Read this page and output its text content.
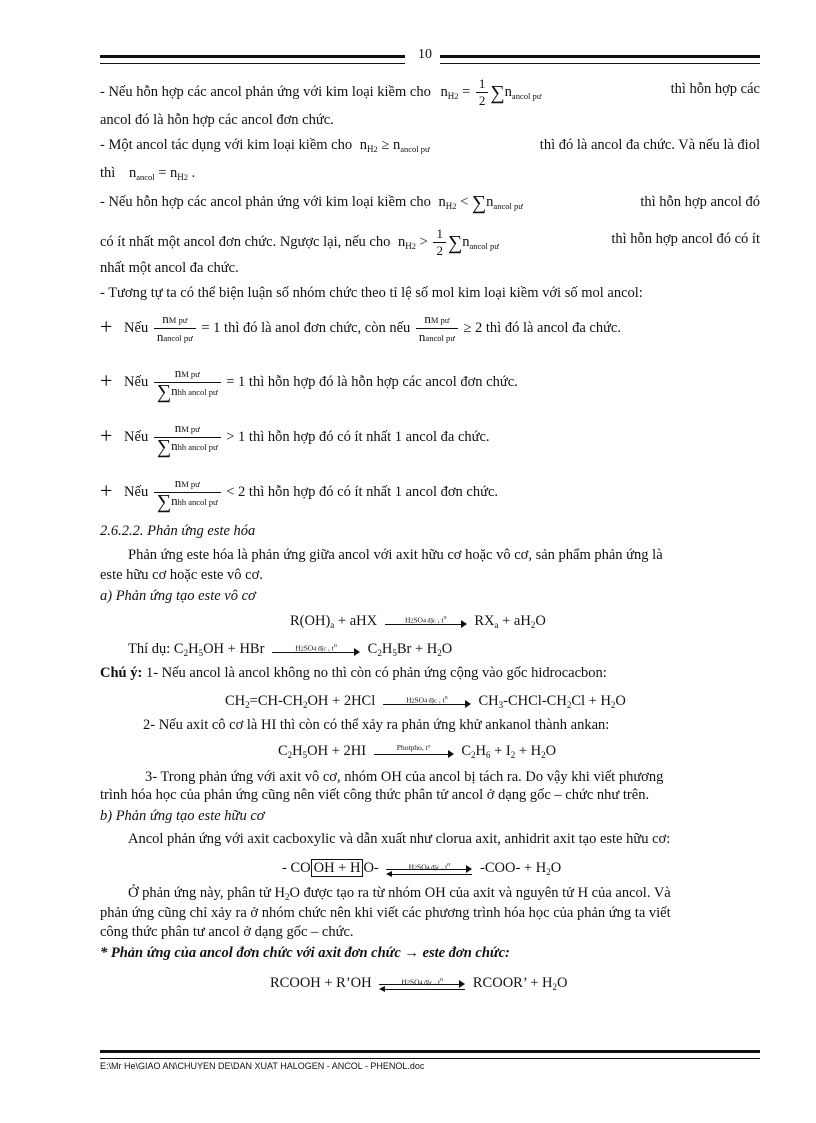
10
- Nếu hỗn hợp các ancol phản ứng với kim loại kiềm cho $n_{H2} = \frac{1}{2} \sum n_{ancol pư}$	thì hỗn hợp các
ancol đó là hỗn hợp các ancol đơn chức.
- Một ancol tác dụng với kim loại kiềm cho $n_{H2} \ge n_{ancol pư}$	thì đó là ancol đa chức. Và nếu là điol
thì $n_{ancol} = n_{H2}$ .
- Nếu hỗn hợp các ancol phản ứng với kim loại kiềm cho $n_{H2} < \sum n_{ancol pư}$	thì hỗn hợp ancol đó
có ít nhất một ancol đơn chức. Ngược lại, nếu cho $n_{H2} > \frac{1}{2} \sum n_{ancol pư}$	thì hỗn hợp ancol đó có ít
nhất một ancol đa chức.
- Tương tự ta có thể biện luận số nhóm chức theo tỉ lệ số mol kim loại kiềm với số mol ancol:
+ Nếu $\frac{\text{nM pư}}{\text{nancol pư}} = 1$ thì đó là anol đơn chức, còn nếu $\frac{\text{nM pư}}{\text{nancol pư}} \ge 2$ thì đó là ancol đa chức.
+ Nếu $\frac{\text{nM pư}}{\text{∑nhh ancol pư}} = 1$ thì hỗn hợp đó là hỗn hợp các ancol đơn chức.
+ Nếu $\frac{\text{nM pư}}{\text{∑nhh ancol pư}} > 1$ thì hỗn hợp đó có ít nhất 1 ancol đa chức.
+ Nếu $\frac{\text{nM pư}}{\text{∑nhh ancol pư}} < 2$ thì hỗn hợp đó có ít nhất 1 ancol đơn chức.
2.6.2.2. Phản ứng este hóa
Phản ứng este hóa là phản ứng giữa ancol với axit hữu cơ hoặc vô cơ, sản phẩm phản ứng là
este hữu cơ hoặc este vô cơ.
a) Phản ứng tạo este vô cơ
$R(OH)_a$ + aHX	H2SO4 đặc , $t^o$	$RX_a + aH_2O$
Thí dụ: $C_2H_5OH$ + HBr	H2SO4 đặc , $t^o$	$C_2H_5Br + H_2O$
Chú ý: 1- Nếu ancol là ancol không no thì còn có phản ứng cộng vào gốc hidrocacbon:
$CH_2=CH-CH_2OH + 2HCl$	H2SO4 đặc , $t^o$	$CH_3-CHCl-CH_2Cl + H_2O$
2- Nếu axit cô cơ là HI thì còn có thể xảy ra phản ứng khử ankanol thành ankan:
$C_2H_5OH + 2HI$	Photpho, t°	$C_2H_6 + I_2 + H_2O$
3- Trong phản ứng với axit vô cơ, nhóm OH của ancol bị tách ra. Do vậy khi viết phương
trình hóa học của phản ứng cũng nên viết công thức phân tử ancol ở dạng gốc – chức như trên.
b) Phản ứng tạo este hữu cơ
Ancol phản ứng với axit cacboxylic và dẫn xuất như clorua axit, anhidrit axit tạo este hữu cơ:
- CO OH + H O-	H2SO4 đặc , $t^o$	$-COO- + H_2O$
Ở phản ứng này, phân tử $H_2O$ được tạo ra từ nhóm OH của axit và nguyên tử H của ancol. Và
phản ứng cũng chỉ xảy ra ở nhóm chức nên khi viết các phương trình hóa học của phản ứng ta viết
công thức phân tư ancol ở dạng gốc – chức.
* Phản ứng của ancol đơn chức với axit đơn chức → este đơn chức:
RCOOH + R’OH	H2SO4 đặc , $t^o$	RCOOR’ + $H_2O$
E:\Mr He\GIAO AN\CHUYEN DE\DAN XUAT HALOGEN - ANCOL - PHENOL.doc
